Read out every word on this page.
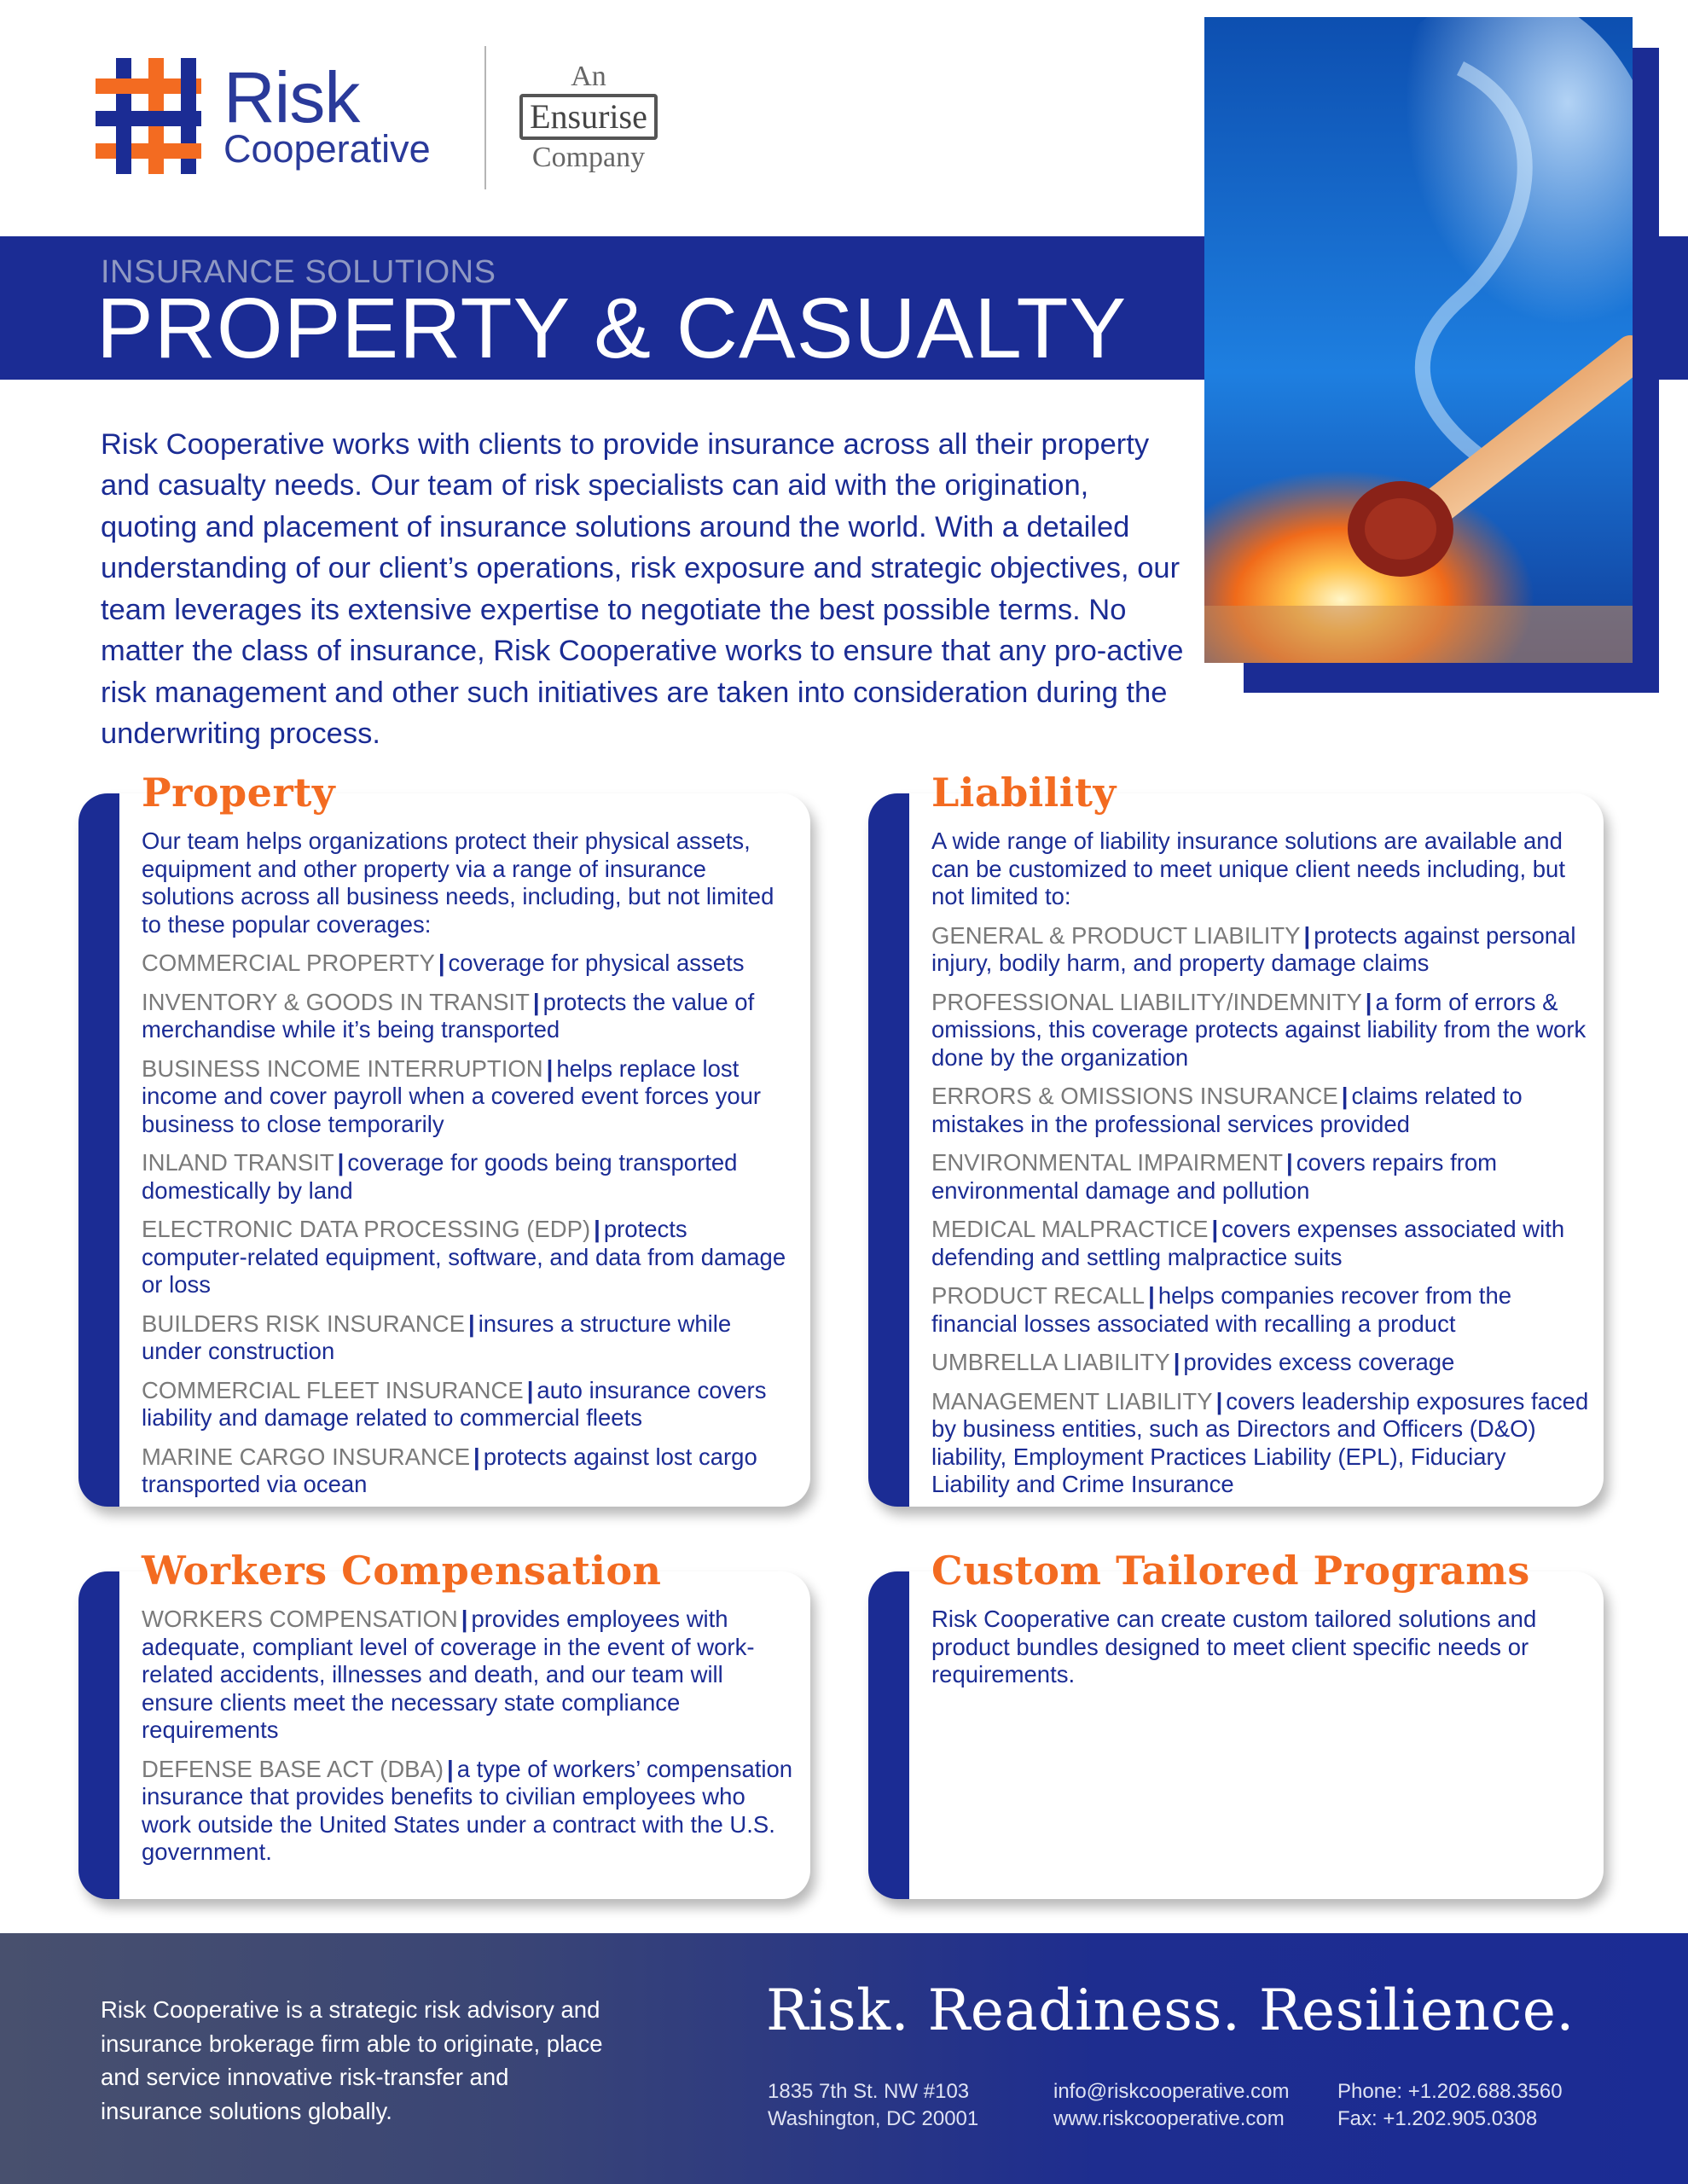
Risk
Cooperative
An
Ensurise
Company
INSURANCE SOLUTIONS
PROPERTY & CASUALTY

Risk Cooperative works with clients to provide insurance across all their property and casualty needs. Our team of risk specialists can aid with the origination, quoting and placement of insurance solutions around the world. With a detailed understanding of our client’s operations, risk exposure and strategic objectives, our team leverages its extensive expertise to negotiate the best possible terms. No matter the class of insurance, Risk Cooperative works to ensure that any pro-active risk management and other such initiatives are taken into consideration during the underwriting process.

Property

Our team helps organizations protect their physical assets, equipment and other property via a range of insurance solutions across all business needs, including, but not limited to these popular coverages:

COMMERCIAL PROPERTY | coverage for physical assets

INVENTORY & GOODS IN TRANSIT | protects the value of merchandise while it’s being transported

BUSINESS INCOME INTERRUPTION | helps replace lost income and cover payroll when a covered event forces your business to close temporarily

INLAND TRANSIT | coverage for goods being transported domestically by land

ELECTRONIC DATA PROCESSING (EDP) | protects computer-related equipment, software, and data from damage or loss

BUILDERS RISK INSURANCE | insures a structure while under construction

COMMERCIAL FLEET INSURANCE | auto insurance covers liability and damage related to commercial fleets

MARINE CARGO INSURANCE | protects against lost cargo transported via ocean

Liability

A wide range of liability insurance solutions are available and can be customized to meet unique client needs including, but not limited to:

GENERAL & PRODUCT LIABILITY | protects against personal injury, bodily harm, and property damage claims

PROFESSIONAL LIABILITY/INDEMNITY | a form of errors & omissions, this coverage protects against liability from the work done by the organization

ERRORS & OMISSIONS INSURANCE | claims related to mistakes in the professional services provided

ENVIRONMENTAL IMPAIRMENT | covers repairs from environmental damage and pollution

MEDICAL MALPRACTICE | covers expenses associated with defending and settling malpractice suits

PRODUCT RECALL | helps companies recover from the financial losses associated with recalling a product

UMBRELLA LIABILITY | provides excess coverage

MANAGEMENT LIABILITY | covers leadership exposures faced by business entities, such as Directors and Officers (D&O) liability, Employment Practices Liability (EPL), Fiduciary Liability and Crime Insurance

Workers Compensation

WORKERS COMPENSATION | provides employees with adequate, compliant level of coverage in the event of work-related accidents, illnesses and death, and our team will ensure clients meet the necessary state compliance requirements

DEFENSE BASE ACT (DBA) | a type of workers’ compensation insurance that provides benefits to civilian employees who work outside the United States under a contract with the U.S. government.

Custom Tailored Programs

Risk Cooperative can create custom tailored solutions and product bundles designed to meet client specific needs or requirements.

Risk Cooperative is a strategic risk advisory and insurance brokerage firm able to originate, place and service innovative risk-transfer and insurance solutions globally.

Risk. Readiness. Resilience.
1835 7th St. NW #103
Washington, DC 20001
info@riskcooperative.com
www.riskcooperative.com
Phone: +1.202.688.3560
Fax: +1.202.905.0308
